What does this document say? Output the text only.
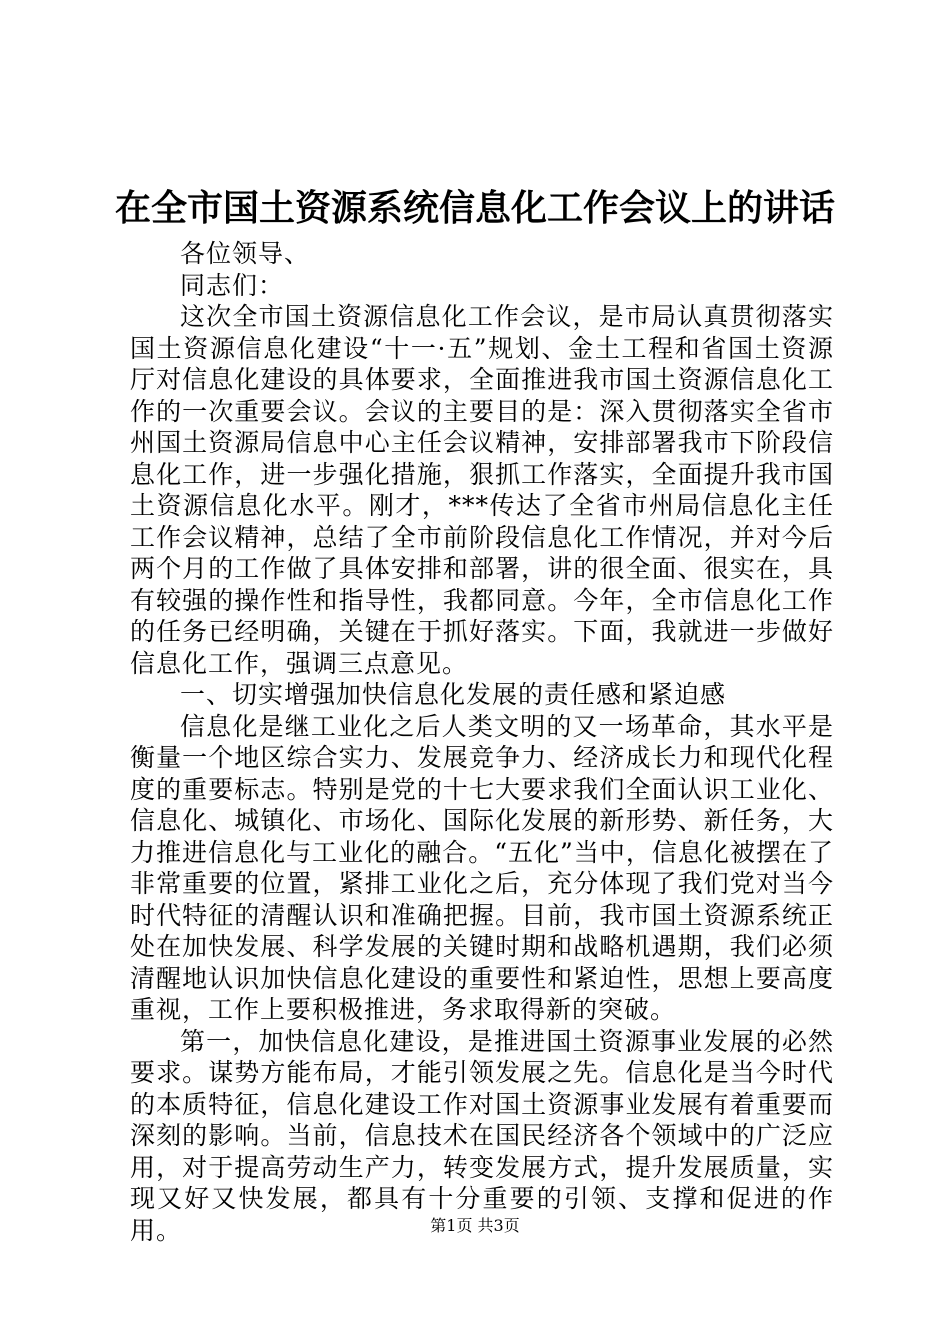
在全市国土资源系统信息化工作会议上的讲话

各位领导、

同志们：

这次全市国土资源信息化工作会议，是市局认真贯彻落实国土资源信息化建设“十一·五”规划、金土工程和省国土资源厅对信息化建设的具体要求，全面推进我市国土资源信息化工作的一次重要会议。会议的主要目的是：深入贯彻落实全省市州国土资源局信息中心主任会议精神，安排部署我市下阶段信息化工作，进一步强化措施，狠抓工作落实，全面提升我市国土资源信息化水平。刚才，***传达了全省市州局信息化主任工作会议精神，总结了全市前阶段信息化工作情况，并对今后两个月的工作做了具体安排和部署，讲的很全面、很实在，具有较强的操作性和指导性，我都同意。今年，全市信息化工作的任务已经明确，关键在于抓好落实。下面，我就进一步做好信息化工作，强调三点意见。

一、切实增强加快信息化发展的责任感和紧迫感

信息化是继工业化之后人类文明的又一场革命，其水平是衡量一个地区综合实力、发展竞争力、经济成长力和现代化程度的重要标志。特别是党的十七大要求我们全面认识工业化、信息化、城镇化、市场化、国际化发展的新形势、新任务，大力推进信息化与工业化的融合。“五化”当中，信息化被摆在了非常重要的位置，紧排工业化之后，充分体现了我们党对当今时代特征的清醒认识和准确把握。目前，我市国土资源系统正处在加快发展、科学发展的关键时期和战略机遇期，我们必须清醒地认识加快信息化建设的重要性和紧迫性，思想上要高度重视，工作上要积极推进，务求取得新的突破。

第一，加快信息化建设，是推进国土资源事业发展的必然要求。谋势方能布局，才能引领发展之先。信息化是当今时代的本质特征，信息化建设工作对国土资源事业发展有着重要而深刻的影响。当前，信息技术在国民经济各个领域中的广泛应用，对于提高劳动生产力，转变发展方式，提升发展质量，实现又好又快发展，都具有十分重要的引领、支撑和促进的作用。	第1页 共3页
